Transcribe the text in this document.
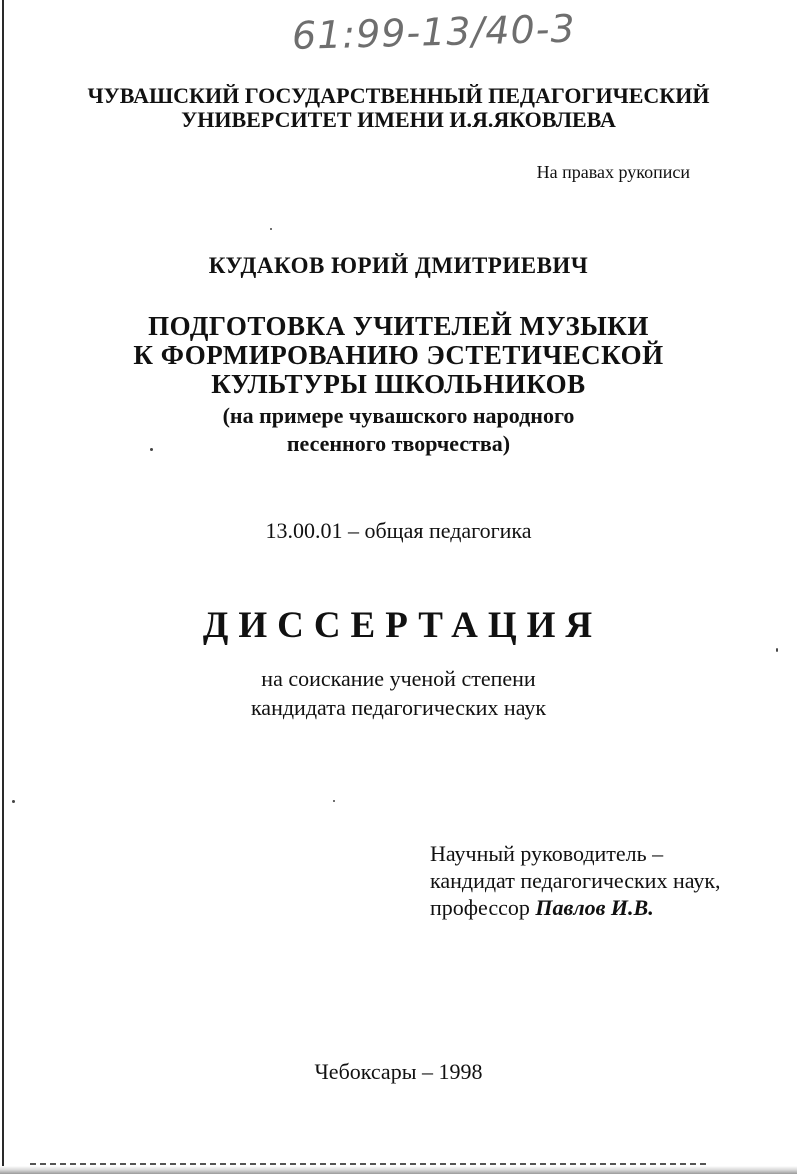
61:99-13/40-3
ЧУВАШСКИЙ ГОСУДАРСТВЕННЫЙ ПЕДАГОГИЧЕСКИЙ
УНИВЕРСИТЕТ ИМЕНИ И.Я.ЯКОВЛЕВА
На правах рукописи
КУДАКОВ ЮРИЙ ДМИТРИЕВИЧ
ПОДГОТОВКА УЧИТЕЛЕЙ МУЗЫКИ
К ФОРМИРОВАНИЮ ЭСТЕТИЧЕСКОЙ
КУЛЬТУРЫ ШКОЛЬНИКОВ
(на примере чувашского народного
песенного творчества)
13.00.01 – общая педагогика
ДИССЕРТАЦИЯ
на соискание ученой степени
кандидата педагогических наук
Научный руководитель –
кандидат педагогических наук,
профессор Павлов И.В.
Чебоксары – 1998
